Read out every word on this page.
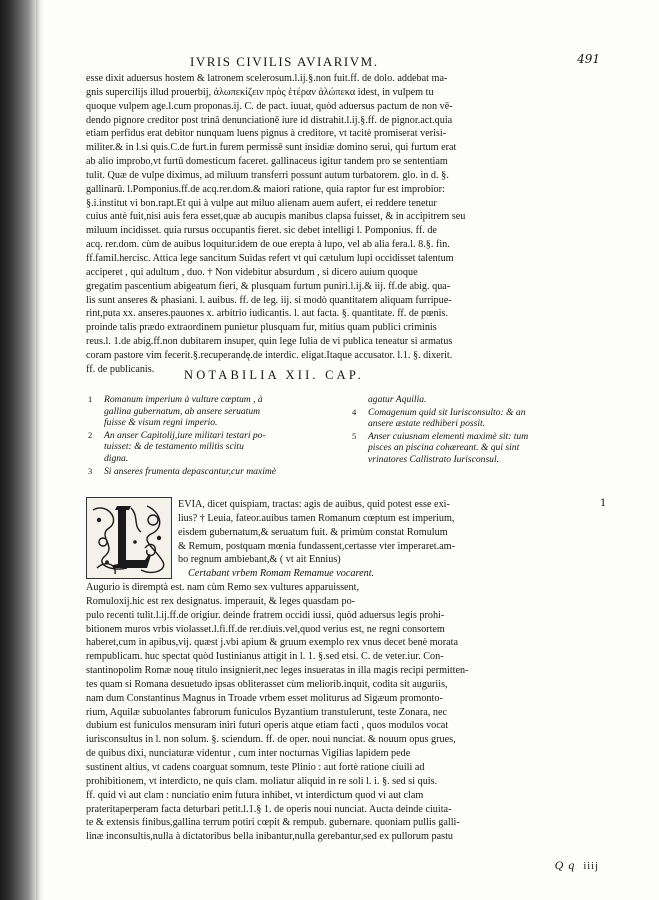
IVRIS CIVILIS AVIARIVM.	491
esse dixit aduersus hostem & latronem scelerosum.l.ij.§.non fuit.ff. de dolo. addebat ma-
gnis supercilijs illud prouerbij, ἀλωπεκίζειν πρὸς ἑτέραν ἀλώπεκα idest, in vulpem tu
quoque vulpem age.l.cum proponas.ij. C. de pact. iuuat, quòd aduersus pactum de non vē-
dendo pignore creditor post trinā denunciationē iure id distrahit.l.ij.§.ff. de pignor.act.quia
etiam perfidus erat debitor nunquam luens pignus à creditore, vt tacitè promiserat verisi-
militer.& in l.si quis.C.de furt.in furem permissē sunt insidiæ domino serui, qui furtum erat
ab alio improbo,vt furtū domesticum faceret. gallinaceus igitur tandem pro se sententiam
tulit. Quæ de vulpe diximus, ad miluum transferri possunt autum turbatorem. glo. in d. §.
gallinarū. l.Pomponius.ff.de acq.rer.dom.& maiori ratione, quia raptor fur est improbior:
§.i.institut vi bon.rapt.Et qui à vulpe aut miluo alienam auem aufert, ei reddere tenetur
cuius antè fuit,nisi auis fera esset,quæ ab aucupis manibus clapsa fuisset, & in accipitrem seu
miluum incidisset. quia rursus occupantis fieret. sic debet intelligi l. Pomponius. ff. de
acq. rer.dom. cùm de auibus loquitur.idem de oue erepta à lupo, vel ab alia fera.l. 8.§. fin.
ff.famil.hercisc. Attica lege sancitum Suidas refert vt qui cætulum lupi occidisset talentum
acciperet , qui adultum , duo. † Non videbitur absurdum , si dicero auium quoque
gregatim pascentium abigeatum fieri, & plusquam furtum puniri.l.ij.& iij. ff.de abig. qua-
lis sunt anseres & phasiani. l. auibus. ff. de leg. iij. si modò quantitatem aliquam furripue-
rint,puta xx. anseres.pauones x. arbitrio iudicantis. l. aut facta. §. quantitate. ff. de pœnis.
proinde talis prædo extraordinem punietur plusquam fur, mitius quam publici criminis
reus.l. 1.de abig.ff.non dubitarem insuper, quin lege Iulia de vi publica teneatur si armatus
coram pastore vim fecerit.§.recuperandę.de interdic. eligat.Itaque accusator. l.1. §. dixerit.
ff. de publicanis.	NOTABILIA XII. CAP.
1 Romanum imperium à vulture cœptum , à
gallina gubernatum, ab ansere seruatum
fuisse & visum regni imperio.
2 An anser Capitolij,iure militari testari po-
tuisset: & de testamento militis scitu
digna.
3 Si anseres frumenta depascantur,cur maximè
agatur Aquilia.
4 Comagenum quid sit Iurisconsulto: & an
ansere æstate redhiberi possit.
5 Anser cuiusnam elementi maximè sit: tum
pisces an piscina cohæreant. & qui sint
vrinatores Callistrato Iurisconsul.
EVIA, dicet quispiam, tractas: agis de auibus, quid potest esse exi-
lius? † Leuia, fateor.auibus tamen Romanum cœptum est imperium,
eisdem gubernatum,& seruatum fuit. & primùm constat Romulum
& Remum, postquam mœnia fundassent,certasse vter imperaret.am-
bo regnum ambiebant,& ( vt ait Ennius)
Certabant vrbem Romam Remamue vocarent.
1
Augurio is diremptà est. nam cùm Remo sex vultures apparuissent,
Romuloxij.hic est rex designatus. imperauit, & leges quasdam po-
pulo recenti tulit.l.ij.ff.de origiur. deinde fratrem occidi iussi, quòd aduersus legis prohi-
bitionem muros vrbis violasset.l.fi.ff.de rer.diuis.vel,quod verius est, ne regni consortem
haberet,cum in apibus,vij. quæst j.vbi apium & gruum exemplo rex vnus decet benè morata
rempublicam. huc spectat quòd Iustinianus attigit in l. 1. §.sed etsi. C. de veter.iur. Con-
stantinopolim Romæ nouę titulo insignierit,nec leges insueratas in illa magis recipi permitten-
tes quam si Romana desuetudo ipsas obliterasset cùm meliorib.inquit, codita sit auguriis,
nam dum Constantinus Magnus in Troade vrbem esset moliturus ad Sigæum promonto-
rium, Aquilæ subuolantes fabrorum funiculos Byzantium transtulerunt, teste Zonara, nec
dubium est funiculos mensuram iniri futuri operis atque etiam facti , quos modulos vocat
iurisconsultus in l. non solum. §. sciendum. ff. de oper. noui nunciat. & nouum opus grues,
de quibus dixi, nunciaturæ videntur , cum inter nocturnas Vigilias lapidem pede
sustinent altius, vt cadens coarguat somnum, teste Plinio : aut fortè ratione ciuili ad
prohibitionem, vt interdicto, ne quis clam. moliatur aliquid in re soli l. i. §. sed si quis.
ff. quid vi aut clam : nunciatio enim futura inhibet, vt interdictum quod vi aut clam
prateritaperperam facta deturbari petit.l.1.§ 1. de operis noui nunciat. Aucta deinde ciuita-
te & extensis finibus,gallina terrum potiri cœpit & rempub. gubernare. quoniam pullis galli-
linæ inconsultis,nulla à dictatoribus bella inibantur,nulla gerebantur,sed ex pullorum pastu
Q q iiij
